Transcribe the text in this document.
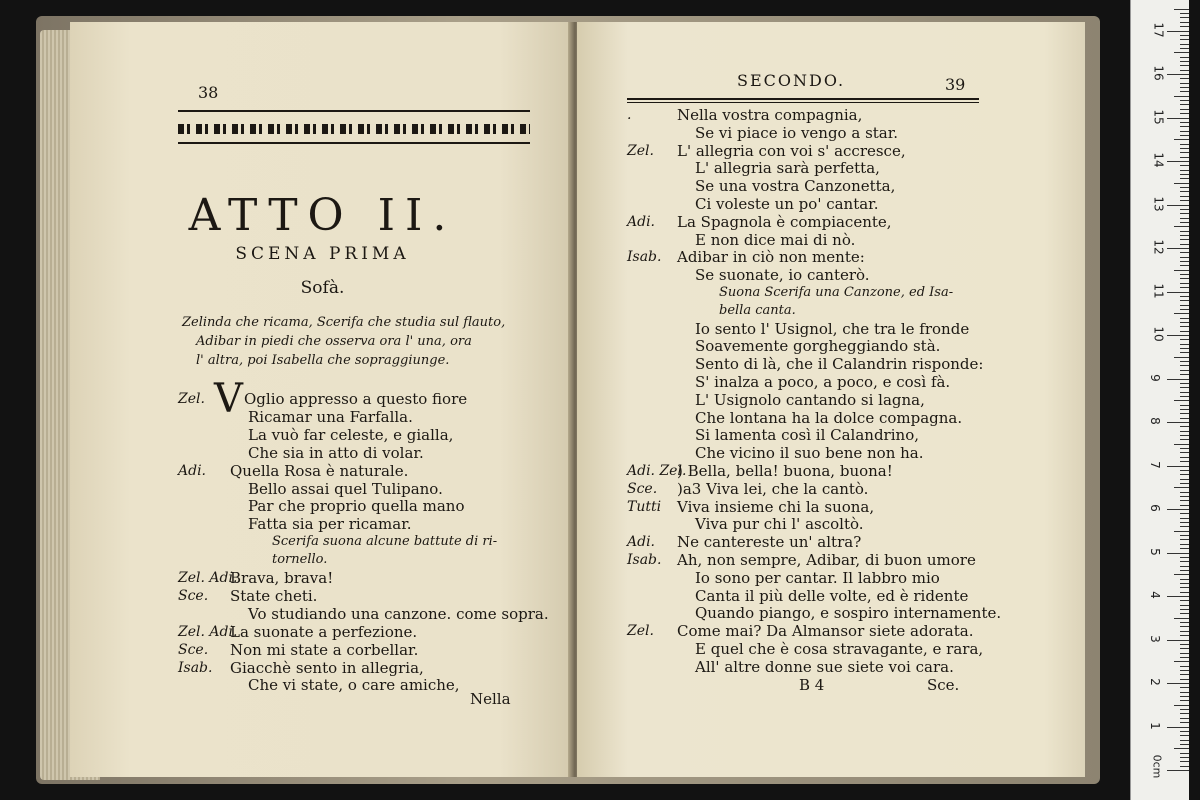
38
ATTO II.
SCENA PRIMA
Sofà.
Zelinda che ricama, Scerifa che studia sul flauto,
Adibar in piedi che osserva ora l' una, ora
l' altra, poi Isabella che sopraggiunge.
Zel. V Oglio appresso a questo fiore
Ricamar una Farfalla.
La vuò far celeste, e gialla,
Che sia in atto di volar.
Adi. Quella Rosa è naturale.
Bello assai quel Tulipano.
Par che proprio quella mano
Fatta sia per ricamar.
Scerifa suona alcune battute di ri-
tornello.
Zel. Adi.
Brava, brava!
Sce. State cheti.
Vo studiando una canzone. come sopra.
Zel. Adi.
La suonate a perfezione.
Sce. Non mi state a corbellar.
Isab. Giacchè sento in allegria,
Che vi state, o care amiche,
Nella
SECONDO.	39
.	Nella vostra compagnia,
Se vi piace io vengo a star.
Zel. L' allegria con voi s' accresce,
L' allegria sarà perfetta,
Se una vostra Canzonetta,
Ci voleste un po' cantar.
Adi. La Spagnola è compiacente,
E non dice mai di nò.
Isab. Adibar in ciò non mente:
Se suonate, io canterò.
Suona Scerifa una Canzone, ed Isa-
bella canta.
Io sento l' Usignol, che tra le fronde
Soavemente gorgheggiando stà.
Sento di là, che il Calandrin risponde:
S' inalza a poco, a poco, e così fà.
L' Usignolo cantando si lagna,
Che lontana ha la dolce compagna.
Si lamenta così il Calandrino,
Che vicino il suo bene non ha.
Adi. Zel.
) Bella, bella! buona, buona!
Sce. )a3 Viva lei, che la cantò.
Tutti Viva insieme chi la suona,
Viva pur chi l' ascoltò.
Adi. Ne cantereste un' altra?
Isab. Ah, non sempre, Adibar, di buon umore
Io sono per cantar. Il labbro mio
Canta il più delle volte, ed è ridente
Quando piango, e sospiro internamente.
Zel. Come mai? Da Almansor siete adorata.
E quel che è cosa stravagante, e rara,
All' altre donne sue siete voi cara.
B 4	Sce.
1
2
3
4
5
6
7
8
9
10
11
12
13
14
15
16
17
0cm
